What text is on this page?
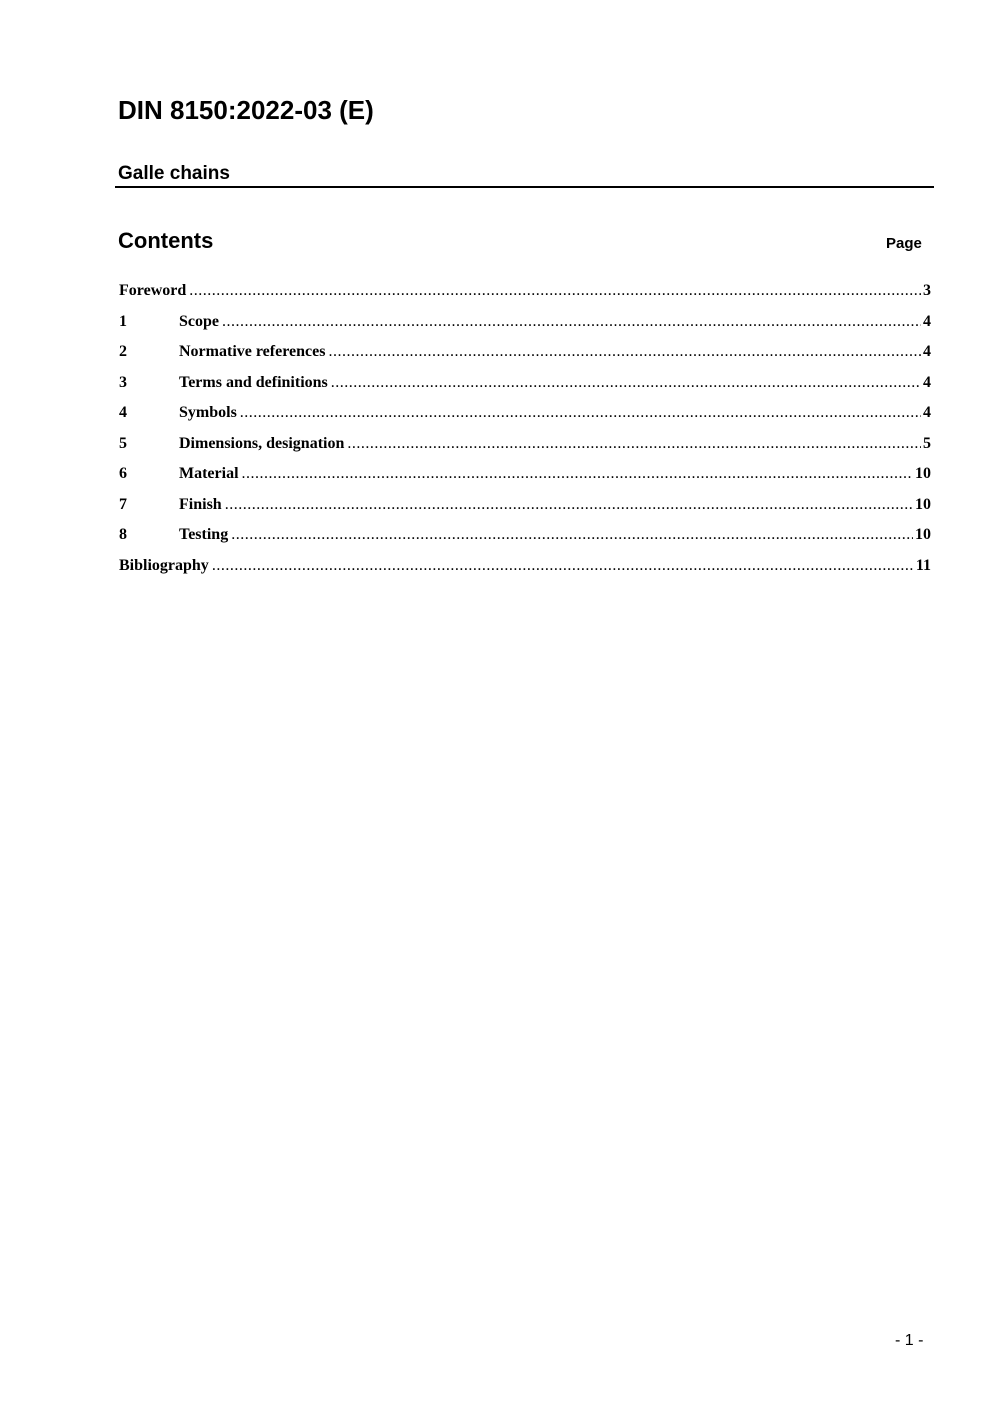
DIN 8150:2022-03 (E)
Galle chains
Contents	Page
Foreword .....	3
1	Scope .....	4
2	Normative references .....	4
3	Terms and definitions .....	4
4	Symbols .....	4
5	Dimensions, designation .....	5
6	Material .....	10
7	Finish .....	10
8	Testing .....	10
Bibliography .....	11
- 1 -
